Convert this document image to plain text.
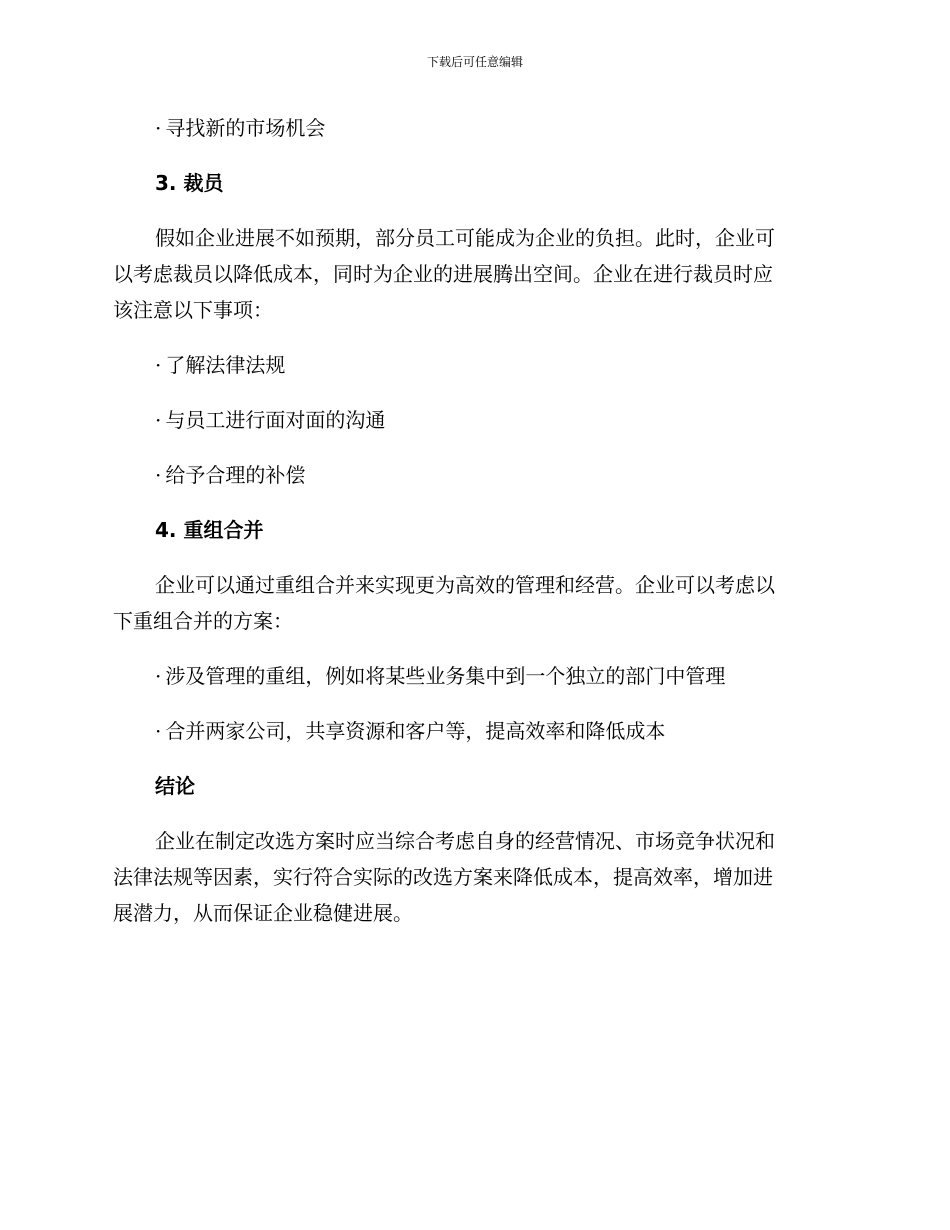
下载后可任意编辑
· 寻找新的市场机会
3. 裁员
假如企业进展不如预期，部分员工可能成为企业的负担。此时，企业可
以考虑裁员以降低成本，同时为企业的进展腾出空间。企业在进行裁员时应
该注意以下事项：
· 了解法律法规
· 与员工进行面对面的沟通
· 给予合理的补偿
4. 重组合并
企业可以通过重组合并来实现更为高效的管理和经营。企业可以考虑以
下重组合并的方案：
· 涉及管理的重组，例如将某些业务集中到一个独立的部门中管理
· 合并两家公司，共享资源和客户等，提高效率和降低成本
结论
企业在制定改选方案时应当综合考虑自身的经营情况、市场竞争状况和
法律法规等因素，实行符合实际的改选方案来降低成本，提高效率，增加进
展潜力，从而保证企业稳健进展。
